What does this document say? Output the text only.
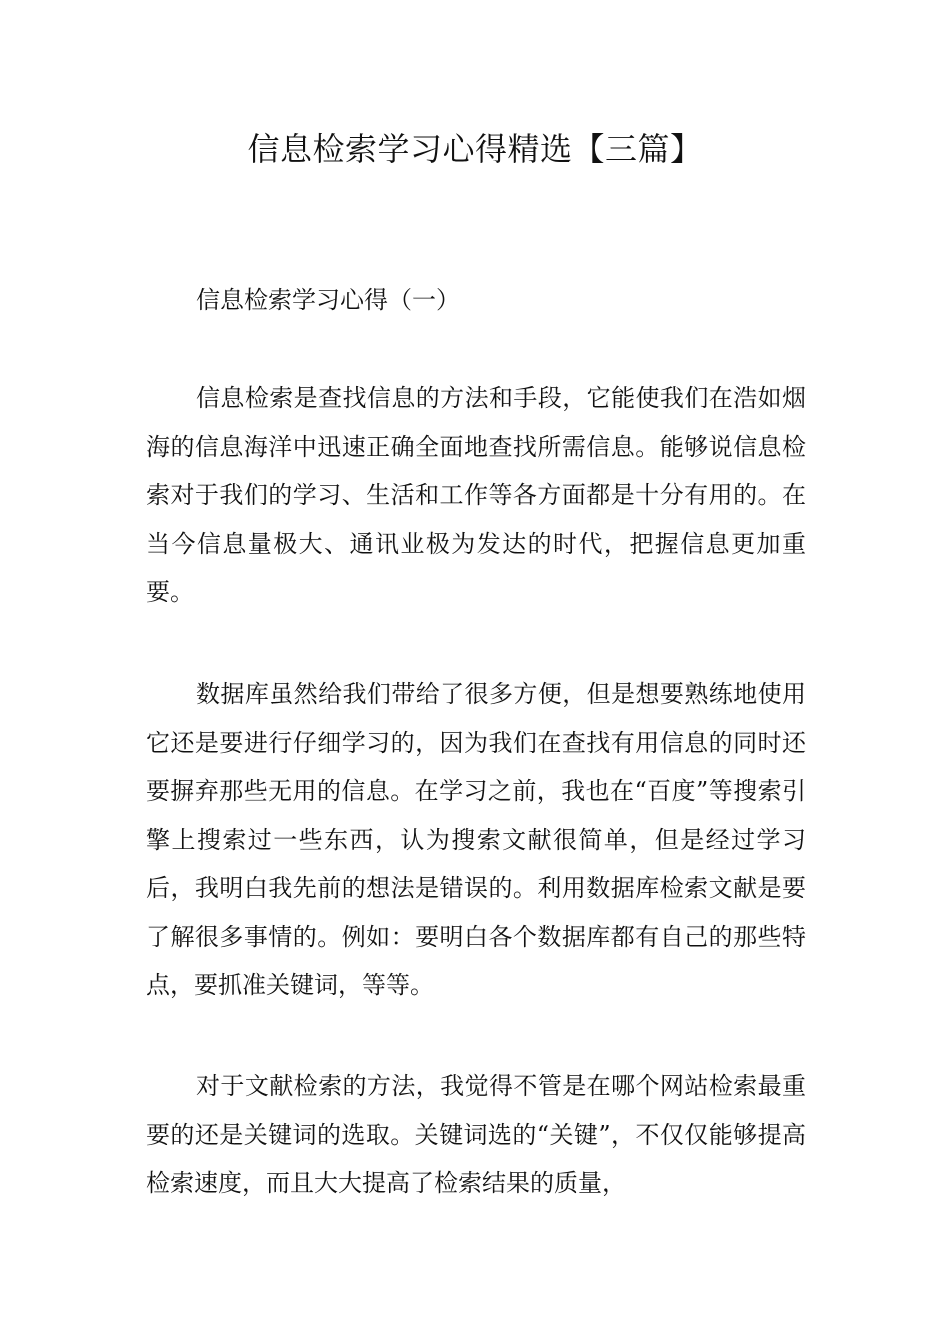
信息检索学习心得精选【三篇】
信息检索学习心得（一）

信息检索是查找信息的方法和手段，它能使我们在浩如烟海的信息海洋中迅速正确全面地查找所需信息。能够说信息检索对于我们的学习、生活和工作等各方面都是十分有用的。在当今信息量极大、通讯业极为发达的时代，把握信息更加重要。

数据库虽然给我们带给了很多方便，但是想要熟练地使用它还是要进行仔细学习的，因为我们在查找有用信息的同时还要摒弃那些无用的信息。在学习之前，我也在“百度”等搜索引擎上搜索过一些东西，认为搜索文献很简单，但是经过学习后，我明白我先前的想法是错误的。利用数据库检索文献是要了解很多事情的。例如：要明白各个数据库都有自己的那些特点，要抓准关键词，等等。

对于文献检索的方法，我觉得不管是在哪个网站检索最重要的还是关键词的选取。关键词选的“关键”，不仅仅能够提高检索速度，而且大大提高了检索结果的质量，
